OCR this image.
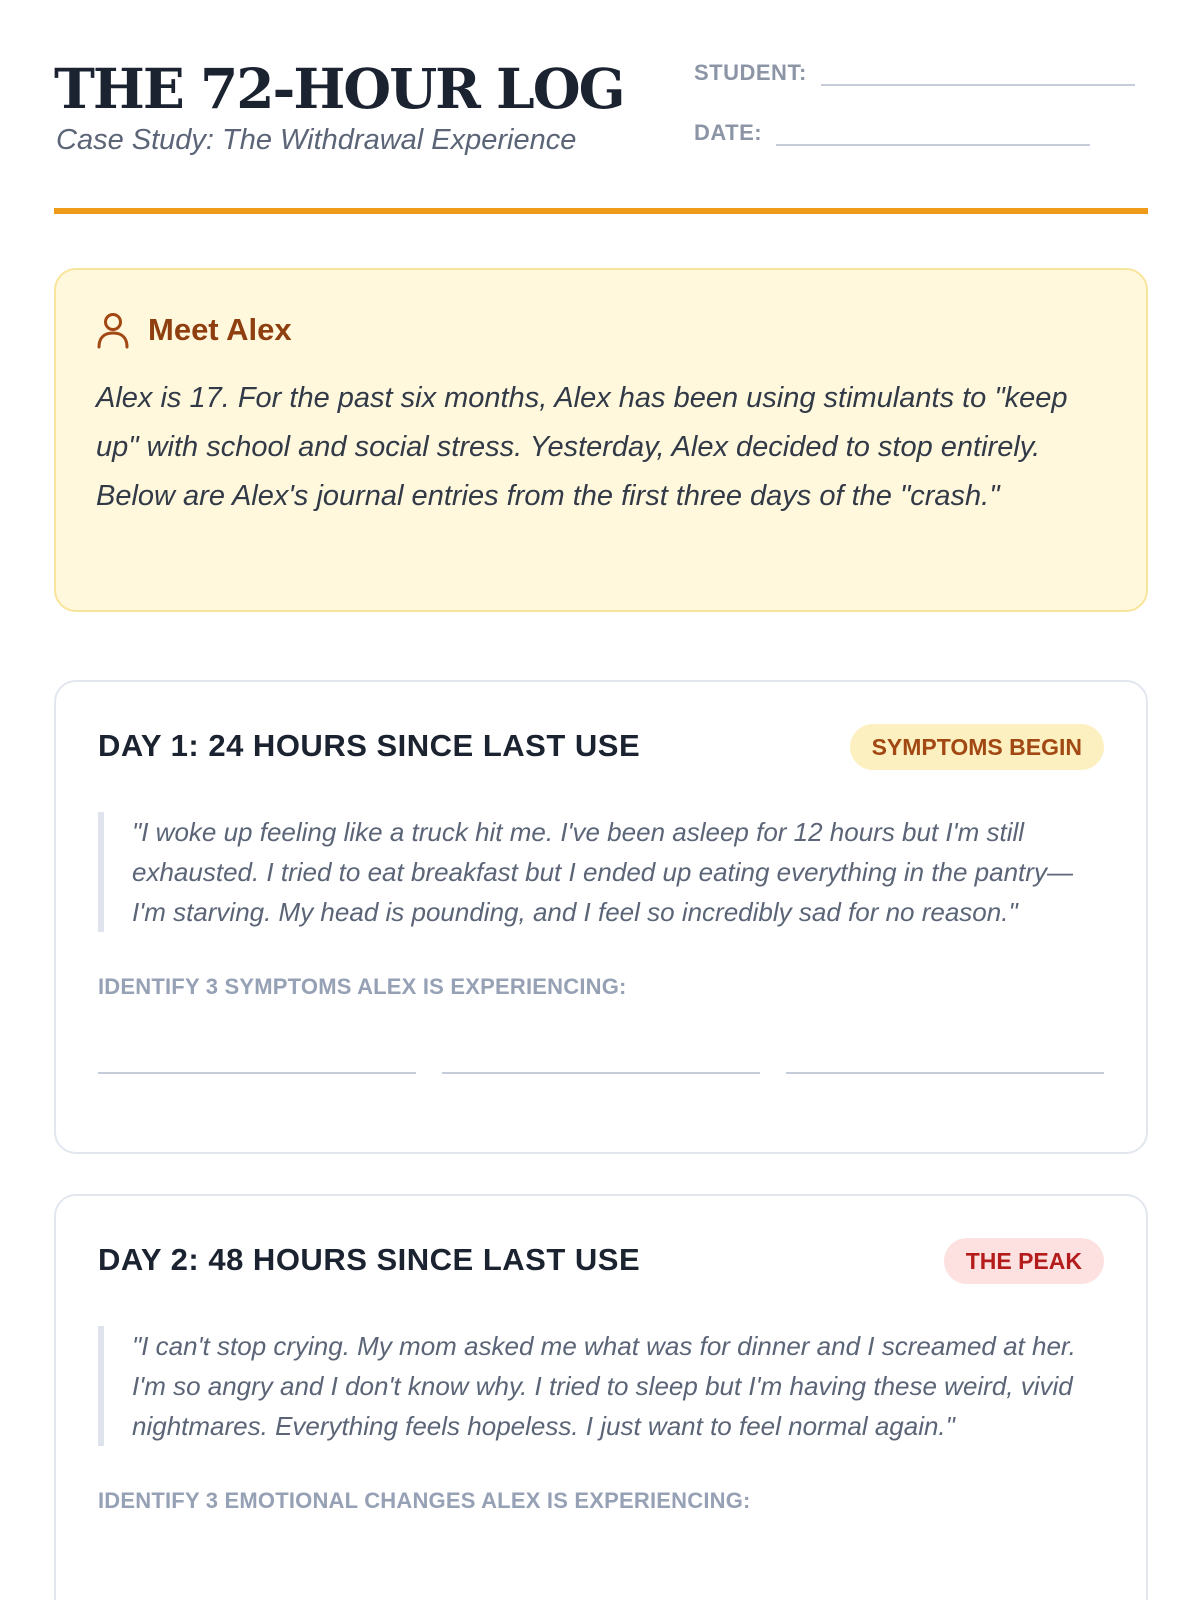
THE 72-HOUR LOG
Case Study: The Withdrawal Experience
STUDENT:
DATE:
Meet Alex

Alex is 17. For the past six months, Alex has been using stimulants to "keep up" with school and social stress. Yesterday, Alex decided to stop entirely. Below are Alex's journal entries from the first three days of the "crash."

DAY 1: 24 HOURS SINCE LAST USE	SYMPTOMS BEGIN
"I woke up feeling like a truck hit me. I've been asleep for 12 hours but I'm still exhausted. I tried to eat breakfast but I ended up eating everything in the pantry—I'm starving. My head is pounding, and I feel so incredibly sad for no reason."
IDENTIFY 3 SYMPTOMS ALEX IS EXPERIENCING:
DAY 2: 48 HOURS SINCE LAST USE	THE PEAK
"I can't stop crying. My mom asked me what was for dinner and I screamed at her. I'm so angry and I don't know why. I tried to sleep but I'm having these weird, vivid nightmares. Everything feels hopeless. I just want to feel normal again."
IDENTIFY 3 EMOTIONAL CHANGES ALEX IS EXPERIENCING:
